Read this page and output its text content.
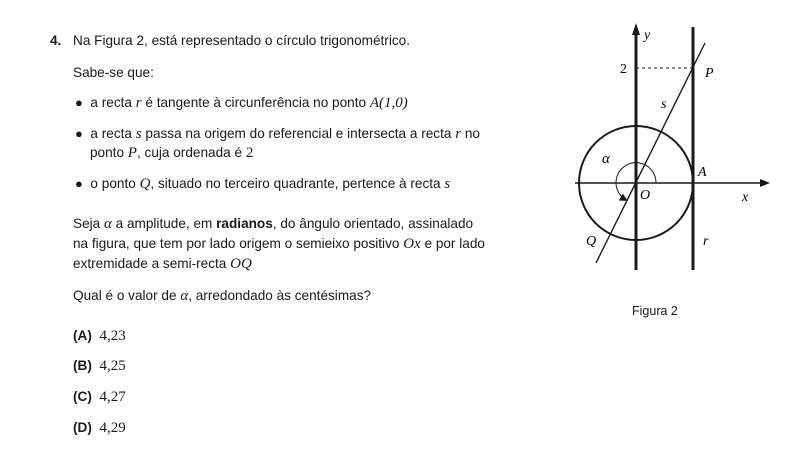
4. Na Figura 2, está representado o círculo trigonométrico.
Sabe-se que:
● a recta r é tangente à circunferência no ponto A(1,0)
● a recta s passa na origem do referencial e intersecta a recta r no
ponto P, cuja ordenada é 2
● o ponto Q, situado no terceiro quadrante, pertence à recta s
Seja α a amplitude, em radianos, do ângulo orientado, assinalado
na figura, que tem por lado origem o semieixo positivo Ox e por lado
extremidade a semi-recta OQ
Qual é o valor de α, arredondado às centésimas?
(A) 4,23
(B) 4,25
(C) 4,27
(D) 4,29
y
2	P
s
α
A
O	x
Q	r
Figura 2
